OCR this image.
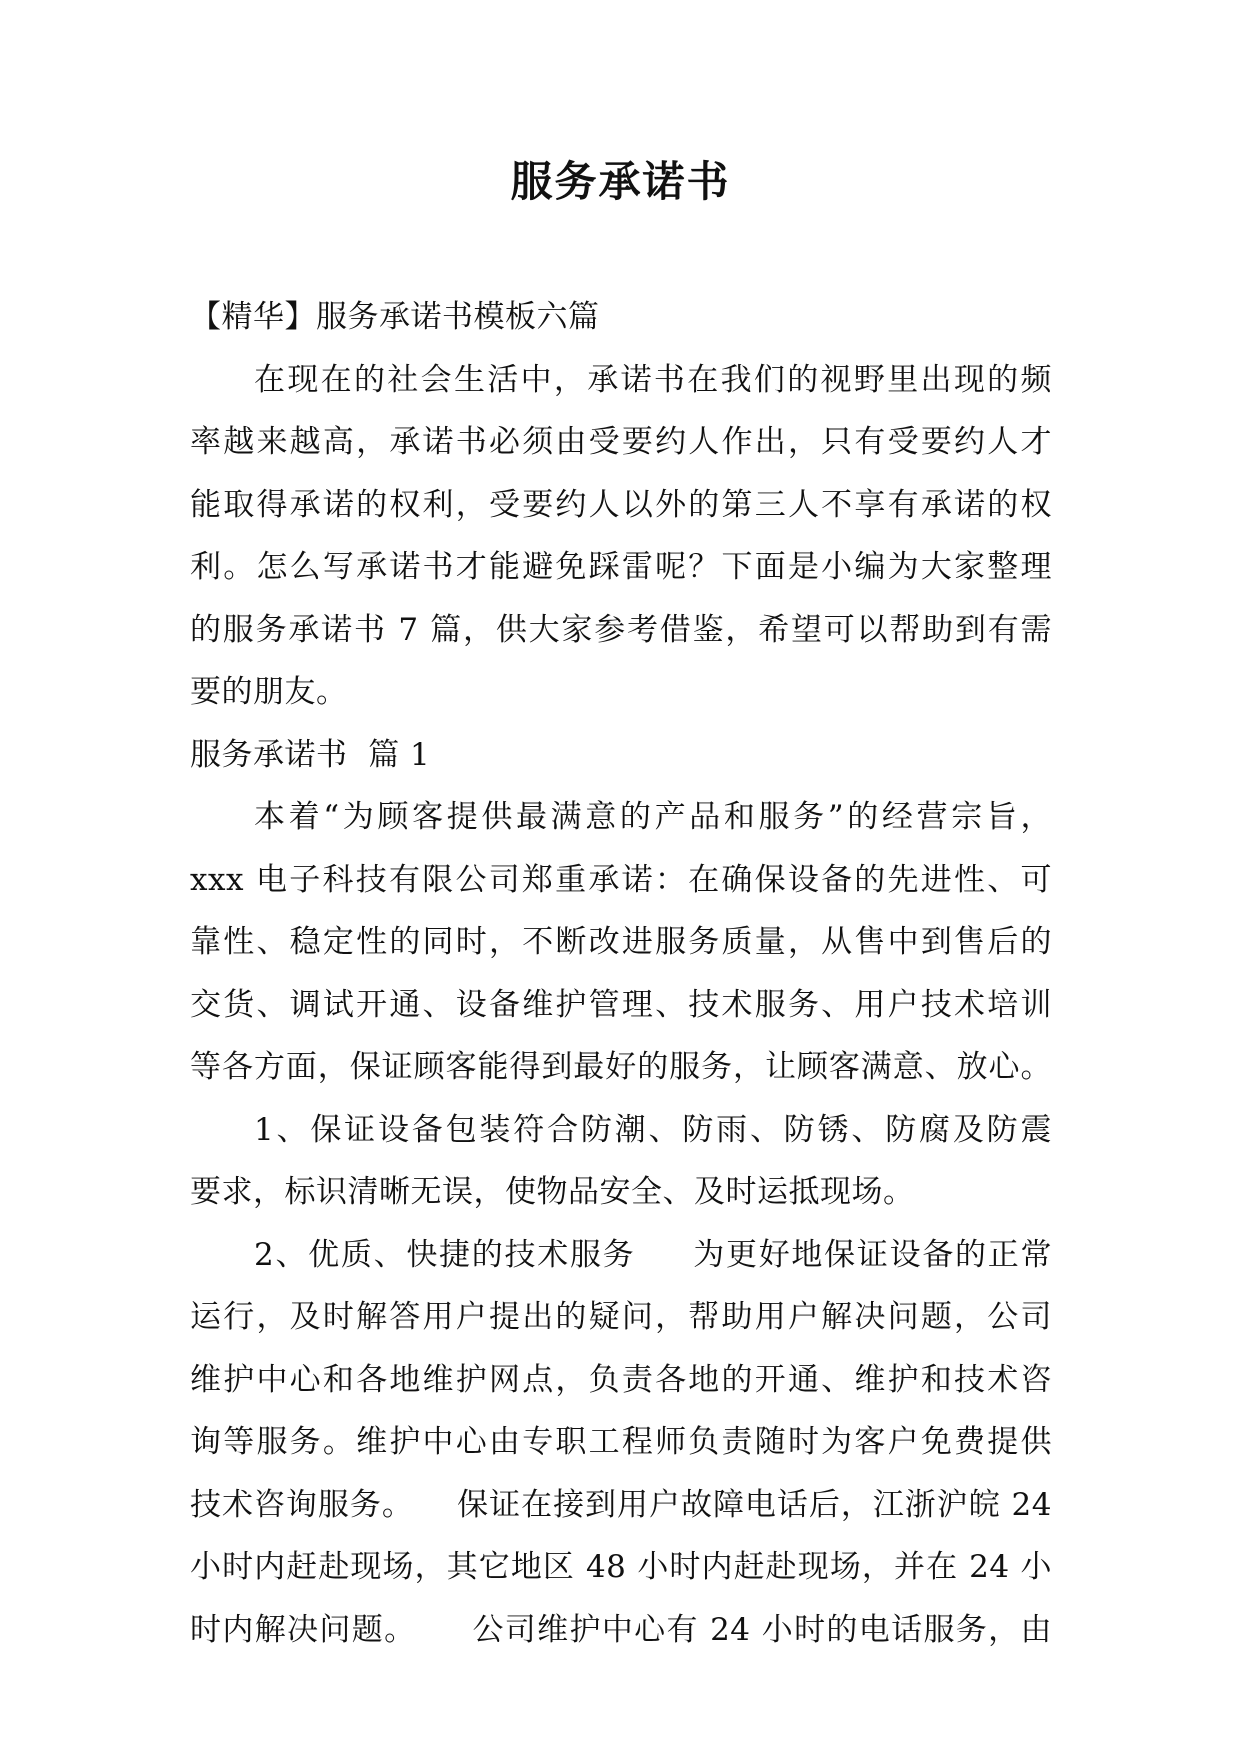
服务承诺书
【精华】服务承诺书模板六篇
在现在的社会生活中，承诺书在我们的视野里出现的频
率越来越高，承诺书必须由受要约人作出，只有受要约人才
能取得承诺的权利，受要约人以外的第三人不享有承诺的权
利。怎么写承诺书才能避免踩雷呢？下面是小编为大家整理
的服务承诺书 7 篇，供大家参考借鉴，希望可以帮助到有需
要的朋友。
服务承诺书  篇 1
本着“为顾客提供最满意的产品和服务”的经营宗旨，
xxx 电子科技有限公司郑重承诺：在确保设备的先进性、可
靠性、稳定性的同时，不断改进服务质量，从售中到售后的
交货、调试开通、设备维护管理、技术服务、用户技术培训
等各方面，保证顾客能得到最好的服务，让顾客满意、放心。
1、保证设备包装符合防潮、防雨、防锈、防腐及防震
要求，标识清晰无误，使物品安全、及时运抵现场。
2、优质、快捷的技术服务     为更好地保证设备的正常
运行，及时解答用户提出的疑问，帮助用户解决问题，公司
维护中心和各地维护网点，负责各地的开通、维护和技术咨
询等服务。维护中心由专职工程师负责随时为客户免费提供
技术咨询服务。    保证在接到用户故障电话后，江浙沪皖 24
小时内赶赴现场，其它地区 48 小时内赶赴现场，并在 24 小
时内解决问题。     公司维护中心有 24 小时的电话服务，由
